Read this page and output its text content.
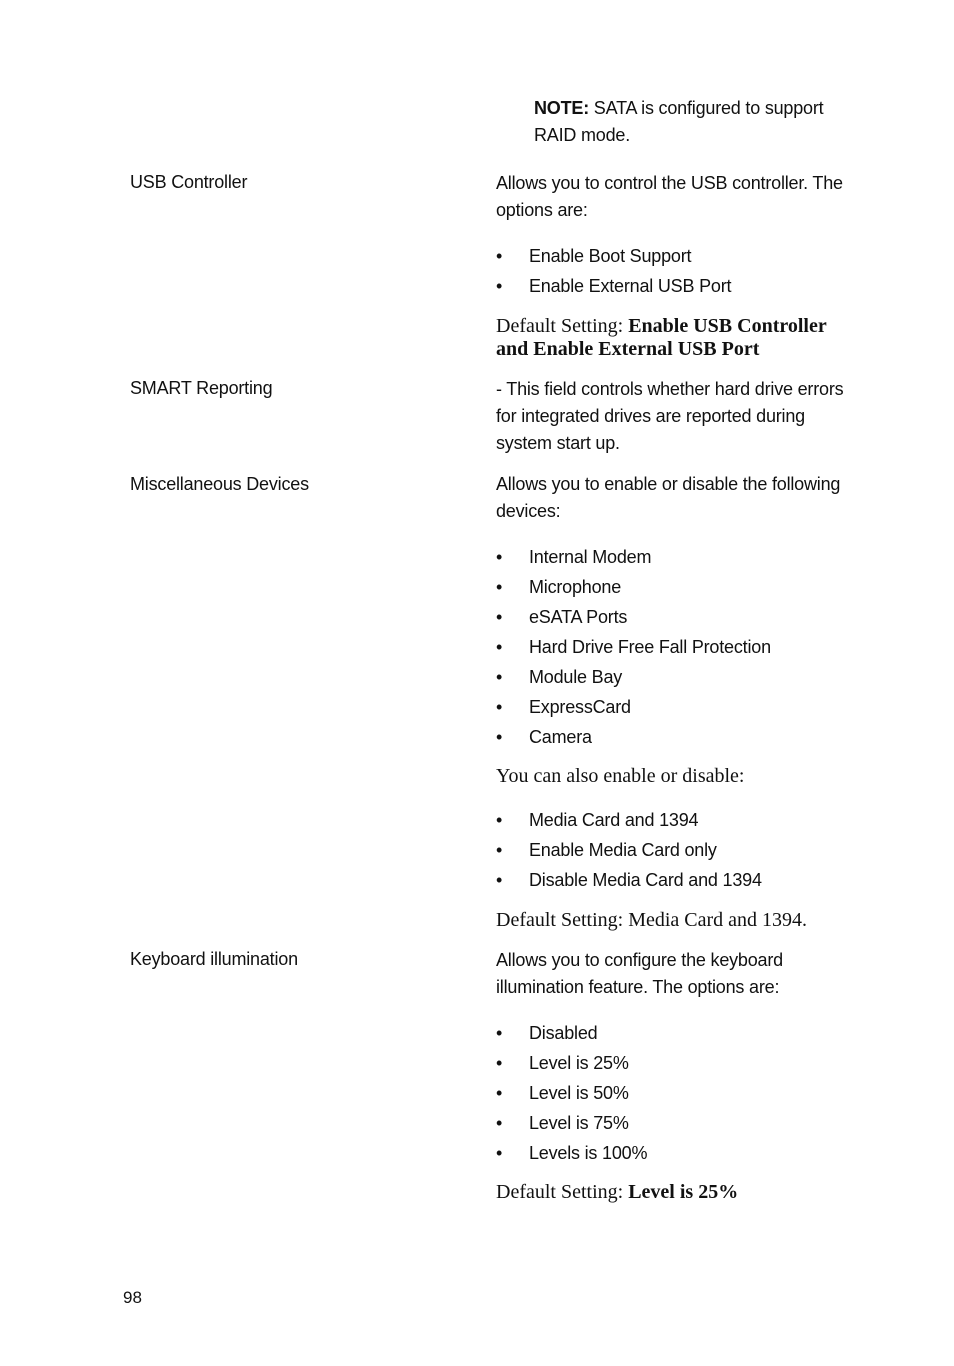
NOTE: SATA is configured to support RAID mode.
USB Controller	Allows you to control the USB controller. The options are:
• Enable Boot Support
• Enable External USB Port
Default Setting: Enable USB Controller and Enable External USB Port
SMART Reporting	- This field controls whether hard drive errors for integrated drives are reported during system start up.
Miscellaneous Devices	Allows you to enable or disable the following devices:
• Internal Modem
• Microphone
• eSATA Ports
• Hard Drive Free Fall Protection
• Module Bay
• ExpressCard
• Camera
You can also enable or disable:
• Media Card and 1394
• Enable Media Card only
• Disable Media Card and 1394
Default Setting: Media Card and 1394.
Keyboard illumination	Allows you to configure the keyboard illumination feature. The options are:
• Disabled
• Level is 25%
• Level is 50%
• Level is 75%
• Levels is 100%
Default Setting: Level is 25%
98
